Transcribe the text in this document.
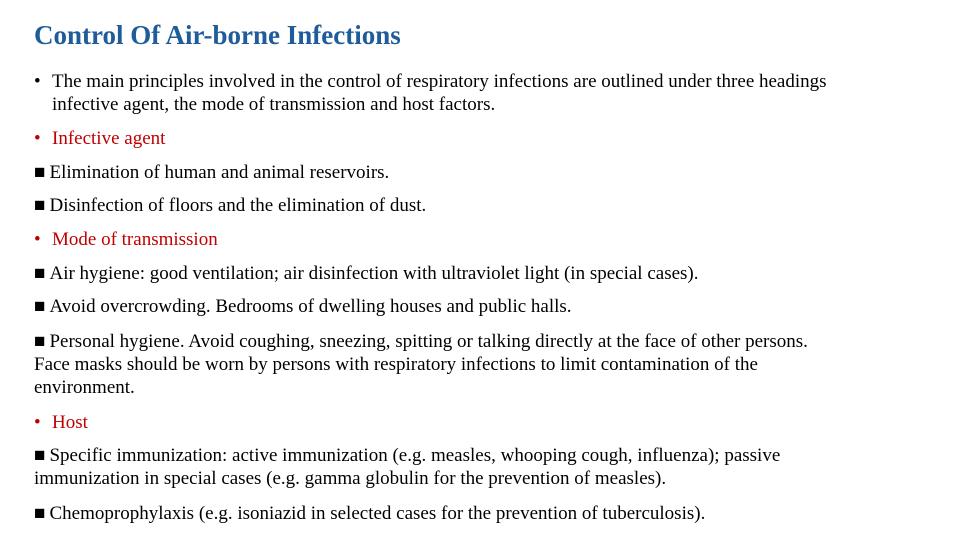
Control Of Air-borne Infections
• The main principles involved in the control of respiratory infections are outlined under three headings
infective agent, the mode of transmission and host factors.
• Infective agent
■ Elimination of human and animal reservoirs.
■ Disinfection of floors and the elimination of dust.
• Mode of transmission
■ Air hygiene: good ventilation; air disinfection with ultraviolet light (in special cases).
■ Avoid overcrowding. Bedrooms of dwelling houses and public halls.
■ Personal hygiene. Avoid coughing, sneezing, spitting or talking directly at the face of other persons.
Face masks should be worn by persons with respiratory infections to limit contamination of the
environment.
• Host
■ Specific immunization: active immunization (e.g. measles, whooping cough, influenza); passive
immunization in special cases (e.g. gamma globulin for the prevention of measles).
■ Chemoprophylaxis (e.g. isoniazid in selected cases for the prevention of tuberculosis).
